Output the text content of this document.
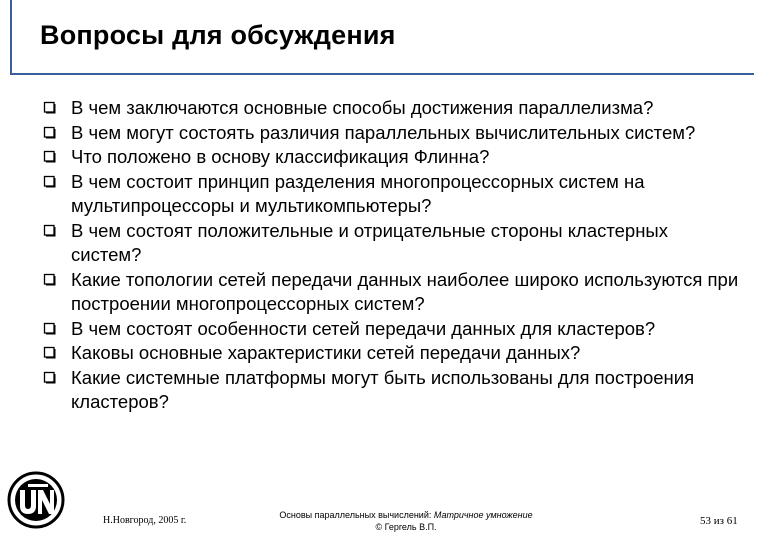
Вопросы для обсуждения
В чем заключаются основные способы достижения параллелизма?
В чем могут состоять различия параллельных вычислительных систем?
Что положено в основу классификация Флинна?
В чем состоит принцип разделения многопроцессорных систем на мультипроцессоры и мультикомпьютеры?
В чем состоят положительные и отрицательные стороны кластерных систем?
Какие топологии сетей передачи данных наиболее широко используются при построении многопроцессорных систем?
В чем состоят особенности сетей передачи данных для кластеров?
Каковы основные характеристики сетей передачи данных?
Какие системные платформы могут быть использованы для построения кластеров?
Н.Новгород, 2005 г.	Основы параллельных вычислений: Матричное умножение
© Гергель В.П.	53 из 61
